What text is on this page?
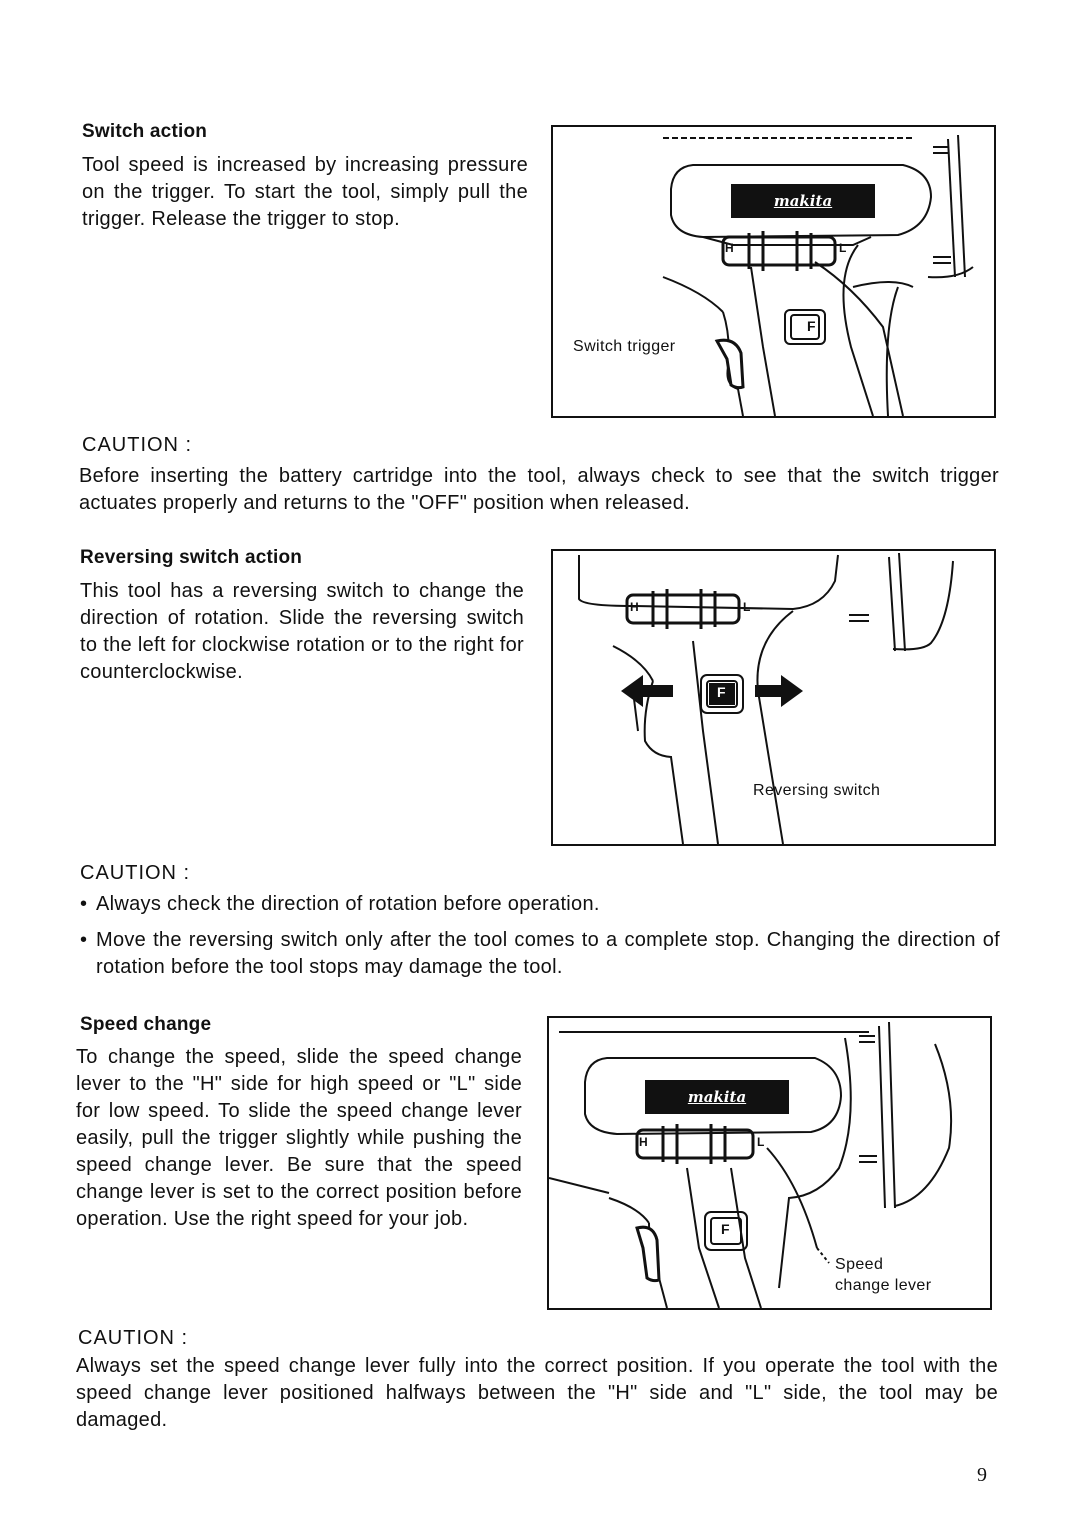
Switch action
Tool speed is increased by increasing pressure on the trigger. To start the tool, simply pull the trigger. Release the trigger to stop.
makita
H	L
F
Switch trigger
CAUTION :
Before inserting the battery cartridge into the tool, always check to see that the switch trigger actuates properly and returns to the "OFF" position when released.
Reversing switch action
This tool has a reversing switch to change the direction of rotation. Slide the reversing switch to the left for clockwise rotation or to the right for counterclockwise.
H	L
F
Reversing switch
CAUTION :
• Always check the direction of rotation before operation.
• Move the reversing switch only after the tool comes to a complete stop. Changing the direction of rotation before the tool stops may damage the tool.
Speed change
To change the speed, slide the speed change lever to the "H" side for high speed or "L" side for low speed. To slide the speed change lever easily, pull the trigger slightly while pushing the speed change lever. Be sure that the speed change lever is set to the correct position before operation. Use the right speed for your job.
makita
H	L
F
Speed
change lever
CAUTION :
Always set the speed change lever fully into the correct position. If you operate the tool with the speed change lever positioned halfways between the "H" side and "L" side, the tool may be damaged.
9
